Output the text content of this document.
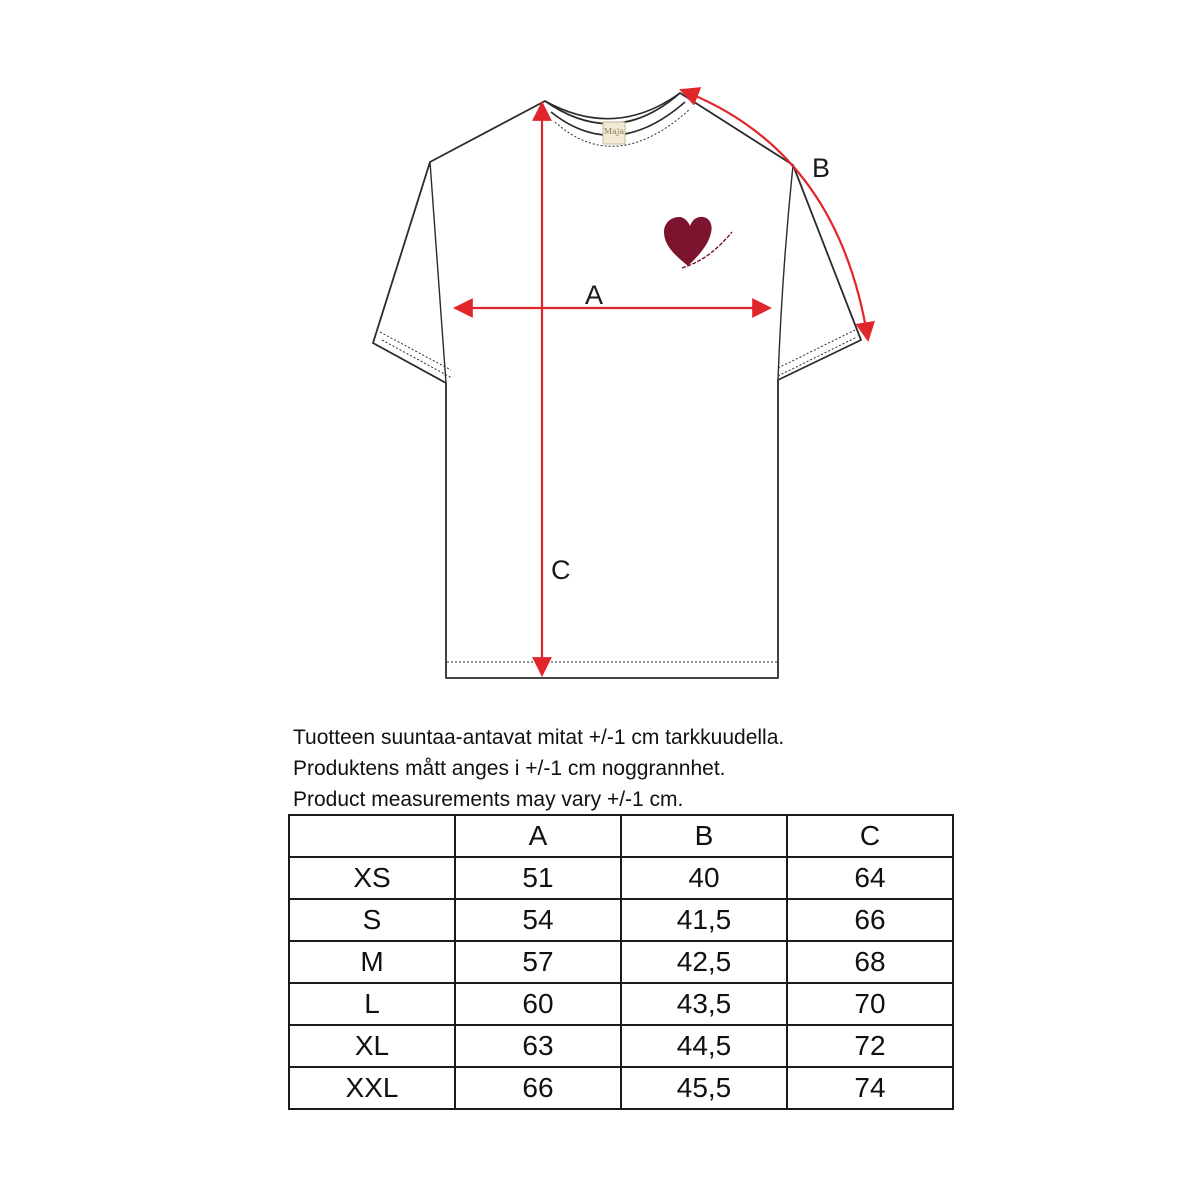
Maja
A
B
C
Tuotteen suuntaa-antavat mitat +/-1 cm tarkkuudella.
Produktens mått anges i +/-1 cm noggrannhet.
Product measurements may vary +/-1 cm.
	A	B	C
XS	51	40	64
S	54	41,5	66
M	57	42,5	68
L	60	43,5	70
XL	63	44,5	72
XXL	66	45,5	74
